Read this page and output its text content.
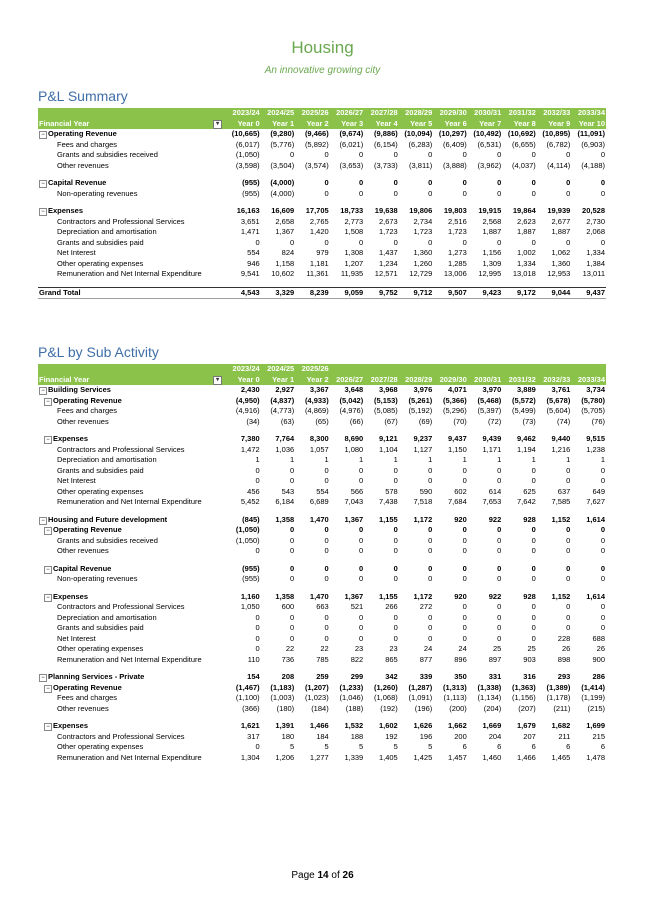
Housing
An innovative growing city
P&L Summary
	2023/24	2024/25	2025/26	2026/27	2027/28	2028/29	2029/30	2030/31	2031/32	2032/33	2033/34
Financial Year ▾	Year 0	Year 1	Year 2	Year 3	Year 4	Year 5	Year 6	Year 7	Year 8	Year 9	Year 10
− Operating Revenue	(10,665)	(9,280)	(9,466)	(9,674)	(9,886)	(10,094)	(10,297)	(10,492)	(10,692)	(10,895)	(11,091)
Fees and charges	(6,017)	(5,776)	(5,892)	(6,021)	(6,154)	(6,283)	(6,409)	(6,531)	(6,655)	(6,782)	(6,903)
Grants and subsidies received	(1,050)	0	0	0	0	0	0	0	0	0	0
Other revenues	(3,598)	(3,504)	(3,574)	(3,653)	(3,733)	(3,811)	(3,888)	(3,962)	(4,037)	(4,114)	(4,188)

− Capital Revenue	(955)	(4,000)	0	0	0	0	0	0	0	0	0
Non-operating revenues	(955)	(4,000)	0	0	0	0	0	0	0	0	0

− Expenses	16,163	16,609	17,705	18,733	19,638	19,806	19,803	19,915	19,864	19,939	20,528
Contractors and Professional Services	3,651	2,658	2,765	2,773	2,673	2,734	2,516	2,568	2,623	2,677	2,730
Depreciation and amortisation	1,471	1,367	1,420	1,508	1,723	1,723	1,723	1,887	1,887	1,887	2,068
Grants and subsidies paid	0	0	0	0	0	0	0	0	0	0	0
Net Interest	554	824	979	1,308	1,437	1,360	1,273	1,156	1,002	1,062	1,334
Other operating expenses	946	1,158	1,181	1,207	1,234	1,260	1,285	1,309	1,334	1,360	1,384
Remuneration and Net Internal Expenditure	9,541	10,602	11,361	11,935	12,571	12,729	13,006	12,995	13,018	12,953	13,011

Grand Total	4,543	3,329	8,239	9,059	9,752	9,712	9,507	9,423	9,172	9,044	9,437
P&L by Sub Activity
	2023/24	2024/25	2025/26								
Financial Year ▾	Year 0	Year 1	Year 2	2026/27	2027/28	2028/29	2029/30	2030/31	2031/32	2032/33	2033/34
− Building Services	2,430	2,927	3,367	3,648	3,968	3,976	4,071	3,970	3,889	3,761	3,734
− Operating Revenue	(4,950)	(4,837)	(4,933)	(5,042)	(5,153)	(5,261)	(5,366)	(5,468)	(5,572)	(5,678)	(5,780)
Fees and charges	(4,916)	(4,773)	(4,869)	(4,976)	(5,085)	(5,192)	(5,296)	(5,397)	(5,499)	(5,604)	(5,705)
Other revenues	(34)	(63)	(65)	(66)	(67)	(69)	(70)	(72)	(73)	(74)	(76)

− Expenses	7,380	7,764	8,300	8,690	9,121	9,237	9,437	9,439	9,462	9,440	9,515
Contractors and Professional Services	1,472	1,036	1,057	1,080	1,104	1,127	1,150	1,171	1,194	1,216	1,238
Depreciation and amortisation	1	1	1	1	1	1	1	1	1	1	1
Grants and subsidies paid	0	0	0	0	0	0	0	0	0	0	0
Net Interest	0	0	0	0	0	0	0	0	0	0	0
Other operating expenses	456	543	554	566	578	590	602	614	625	637	649
Remuneration and Net Internal Expenditure	5,452	6,184	6,689	7,043	7,438	7,518	7,684	7,653	7,642	7,585	7,627

− Housing and Future development	(845)	1,358	1,470	1,367	1,155	1,172	920	922	928	1,152	1,614
− Operating Revenue	(1,050)	0	0	0	0	0	0	0	0	0	0
Grants and subsidies received	(1,050)	0	0	0	0	0	0	0	0	0	0
Other revenues	0	0	0	0	0	0	0	0	0	0	0

− Capital Revenue	(955)	0	0	0	0	0	0	0	0	0	0
Non-operating revenues	(955)	0	0	0	0	0	0	0	0	0	0

− Expenses	1,160	1,358	1,470	1,367	1,155	1,172	920	922	928	1,152	1,614
Contractors and Professional Services	1,050	600	663	521	266	272	0	0	0	0	0
Depreciation and amortisation	0	0	0	0	0	0	0	0	0	0	0
Grants and subsidies paid	0	0	0	0	0	0	0	0	0	0	0
Net Interest	0	0	0	0	0	0	0	0	0	228	688
Other operating expenses	0	22	22	23	23	24	24	25	25	26	26
Remuneration and Net Internal Expenditure	110	736	785	822	865	877	896	897	903	898	900

− Planning Services - Private	154	208	259	299	342	339	350	331	316	293	286
− Operating Revenue	(1,467)	(1,183)	(1,207)	(1,233)	(1,260)	(1,287)	(1,313)	(1,338)	(1,363)	(1,389)	(1,414)
Fees and charges	(1,100)	(1,003)	(1,023)	(1,046)	(1,068)	(1,091)	(1,113)	(1,134)	(1,156)	(1,178)	(1,199)
Other revenues	(366)	(180)	(184)	(188)	(192)	(196)	(200)	(204)	(207)	(211)	(215)

− Expenses	1,621	1,391	1,466	1,532	1,602	1,626	1,662	1,669	1,679	1,682	1,699
Contractors and Professional Services	317	180	184	188	192	196	200	204	207	211	215
Other operating expenses	0	5	5	5	5	5	6	6	6	6	6
Remuneration and Net Internal Expenditure	1,304	1,206	1,277	1,339	1,405	1,425	1,457	1,460	1,466	1,465	1,478
Page 14 of 26
